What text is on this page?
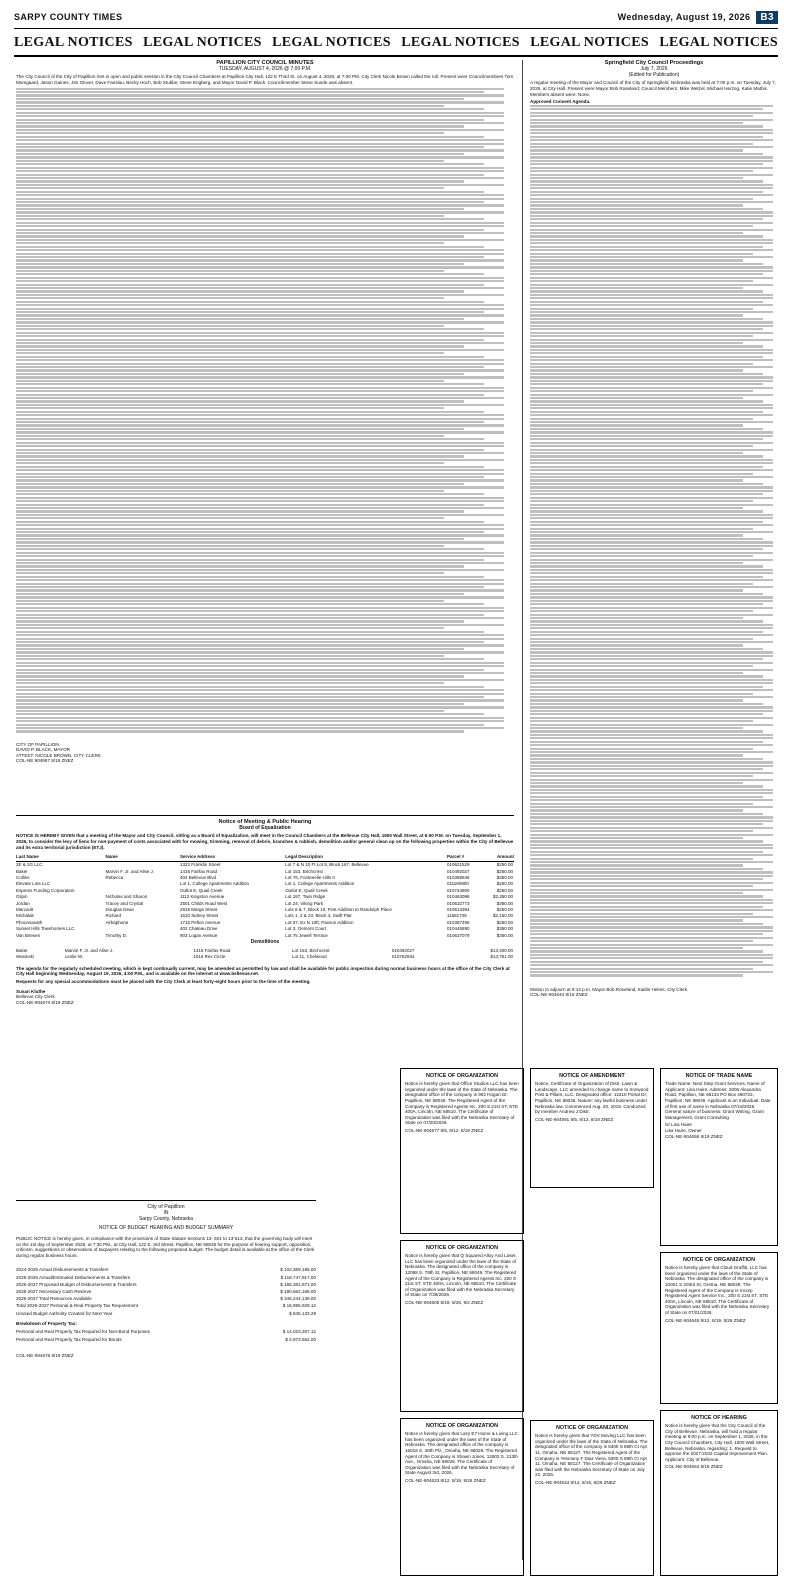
SARPY COUNTY TIMES	Wednesday, August 19, 2026	B3
LEGAL NOTICES LEGAL NOTICES LEGAL NOTICES LEGAL NOTICES LEGAL NOTICES LEGAL NOTICES
PAPILLION CITY COUNCIL MINUTES
TUESDAY, AUGUST 4, 2026 @ 7:00 P.M.

The City Council of the City of Papillion met in open and public session in the City Council Chambers at Papillion City Hall, 122 E Third St. on August 4, 2026, at 7:00 PM. City Clerk Nicole Brown called the roll. Present were Councilmembers Tom Mumgaard, Jason Gaines, Jim Glover, Dave Fanslau, Becky Hoch, Bob Stubbe, Steve Engberg, and Mayor David P. Black. Councilmember Steve Sunde was absent.

CITY OF PAPILLION
DAVID P. BLACK, MAYOR
ATTEST: NICOLE BROWN, CITY CLERK
COL-NE 904667 8/19 ZNEZ
Springfield City Council Proceedings
July 7, 2026
(Edited for Publication)

A regular meeting of the Mayor and Council of the City of Springfield, Nebraska was held at 7:00 p.m. on Tuesday, July 7, 2026, at City Hall. Present were Mayor Bob Roseland; Council Members: Mike Wetzel, Michael Herzog, Katie Mathis. Members absent were: None.

Approved Consent Agenda.

Motion to adjourn at 9:13 p.m. Mayor Bob Roseland, Kaitlin Helms, City Clerk.

COL-NE-904644 8/19 ZNEZ

Notice of Meeting & Public Hearing
Board of Equalization

NOTICE IS HEREBY GIVEN that a meeting of the Mayor and City Council, sitting as a Board of Equalization, will meet in the Council Chambers at the Bellevue City Hall, 1500 Wall Street, at 6:00 P.M. on Tuesday, September 1, 2026, to consider the levy of liens for non-payment of costs associated with for mowing, trimming, removal of debris, branches & rubbish, demolition and/or general clean up on the following properties within the City of Bellevue and its extra territorial jurisdiction (ETJ).

Last Name	Name	Service Address	Legal Description	Parcel #	Amount
2E & 2G LLC		1322 Franklin Street	Lot 7 & N 10 Ft Lot 8, Block 167, Bellevue	010621529	$250.00
Baker	Marvin F. Jr. and Alise J.	1416 Fairfax Road	Lot 153, Birchcrest	010492027	$250.00
Collins	Rebecca	404 Bellevue Blvd	Lot 76, Fontenelle Hills II	010389946	$350.00
Elevate Lots LLC		Lot 1, College Apartments Addition	Lot 1, College Apartments Addition	011180900	$250.00
Express Funding Corporation		Outlot E, Quail Creek	Outlot E, Quail Creek	010744800	$250.00
Gilpin	Nicholas and Sharon	1112 Kingston Avenue	Lot 187, Twin Ridge	010463098	$2,350.00
Jordan	Tracey and Crystal	2501 Childs Road West	Lot 24, Viking Park	010532773	$350.00
Marcault	Douglas Dean	2815 Marge Street	Lots 6 & 7, Block 10, First Addition to Randolph Place	010613394	$250.00
Michalak	Richard	1610 Sidney Street	Lots 1, 2 & 23, Block 4, Swift Plat	11681739	$2,150.00
Phounsavath	Akhaphone	1716 Pelton Avenue	Lot 37, Ex N 10ft, Paxson Addition	010387495	$250.00
Sunset Hills Townhomes LLC		402 Chateau Drive	Lot 3, Oemont Court	010445890	$350.00
Van Briesen	Timothy D.	903 Logan Avenue	Lot 75 Jewell Terrace	010637079	$350.00
Demolitions
Baker	Marvin F. Jr. and Alise J.	1416 Fairfax Road	Lot 153, Birchcrest	010492027	$13,400.00
Wasinski	Leslie W.	1016 Rex Circle	Lot 11, Chelwood	010762834	$13,751.00

The agenda for the regularly scheduled meeting, which is kept continually current, may be amended as permitted by law and shall be available for public inspection during normal business hours at the office of the City Clerk at City Hall beginning Wednesday, August 19, 2026, 4:00 P.M., and is available on the internet at www.bellevue.net.

Requests for any special accommodations must be placed with the City Clerk at least forty-eight hours prior to the time of the meeting.

Susan Kluthe

Bellevue City Clerk

COL-NE-904674 8/19 ZNEZ

City of Papillion
IN
Sarpy County, Nebraska
NOTICE OF BUDGET HEARING AND BUDGET SUMMARY

PUBLIC NOTICE is hereby given, in compliance with the provisions of State Statute Sections 13- 501 to 13-513, that the governing body will meet on the 1st day of September 2026, at 7:30 PM., at City Hall, 122 E. 3rd Street, Papillion, NE 68046 for the purpose of hearing support, opposition, criticism, suggestions or observations of taxpayers relating to the following proposed budget. The budget detail is available at the office of the Clerk during regular business hours.

2024-2025 Actual Disbursements & Transfers	$ 102,369,195.00
2025-2026 Actual/Estimated Disbursements & Transfers	$ 118,747,917.00
2026-2027 Proposed Budget of Disbursements & Transfers	$ 165,381,971.00
2026-2027 Necessary Cash Reserve	$ 180,662,168.00
2026-2027 Total Resources Available	$ 346,244,139.00
Total 2026-2027 Personal & Real Property Tax Requirement	$ 16,996,929.12
Unused Budget Authority Created for Next Year	$ 845,133.29

Breakdown of Property Tax:

Personal and Real Property Tax Required for Non-Bond Purposes	$ 14,023,267.12
Personal and Real Property Tax Required for Bonds	$ 2,973,662.00

COL-NE-904676 8/19 ZNEZ

NOTICE OF ORGANIZATION

Notice is hereby given that Office Studios LLC has been organized under the laws of the State of Nebraska. The designated office of the company is 902 Hogan Dr. Papillion, NE 68046. The Registered Agent of the Company is Registered Agents Inc. 200 S 21st ST, STE 400A, Lincoln, NE 68510. The Certificate of Organization was filed with the Nebraska Secretary of State on 07/20/2026.

COL-NE-904577 8/5, 8/12, 8/19 ZNEZ

NOTICE OF AMENDMENT

Notice, Certificate of Organization of Distr. Lawn & Landscape, LLC amended to change name to Ironwood Post & Pillars, LLC. Designated office: 12310 Portal Dr, Papillion, NE 68046. Nature: any lawful business under Nebraska law. Commenced Aug. 20, 2019. Conducted by member Andrew J Distr.

COL-NE-904591 8/5, 8/12, 8/19 ZNEZ

NOTICE OF TRADE NAME

Trade Name: Next Step Grant Services. Name of Applicant: Lisa Haire. Address: 2606 Alexandra Road, Papillion, NE 68133 PO Box 460723, Papillion, NE 68046. Applicant is an Individual. Date of first use of name in Nebraska 07/16/2026. General nature of business: Grant Writing, Grant Management, Grant Consulting.

/s/ Lisa Haire

Lisa Haire, Owner

COL-NE-904656 8/19 ZNEZ

NOTICE OF ORGANIZATION

Notice is hereby given that Q Squared Alloy And Laser, LLC has been organized under the laws of the State of Nebraska. The designated office of the company is 12098 S. 79th St, Papillion, NE 68046. The Registered Agent of the Company is Registered Agents Inc. 200 S 21st ST, STE 400A, Lincoln, NE 68510. The Certificate of Organization was filed with the Nebraska Secretary of State on 7/28/2026.

COL-NE-904605 8/19, 8/26, 9/2 ZNEZ

NOTICE OF ORGANIZATION

Notice is hereby given that Lazy E7 Home & Living LLC has been organized under the laws of the State of Nebraska. The designated office of the company is 16016 S. 38th Plz., Omaha, NE 68028. The Registered Agent of the Company is Shawn Jones, 12602 S. 213th Ave., Omaha, NE 68028. The Certificate of Organization was filed with the Nebraska Secretary of State August 3rd, 2026.

COL-NE-904633 8/12, 8/19, 8/26 ZNEZ

NOTICE OF ORGANIZATION

Notice is hereby given that YDV Moving LLC has been organized under the laws of the State of Nebraska. The designated office of the company is 5300 S 86th Ct Apt 11, Omaha, NE 68127. The Registered Agent of the Company is Yesmany F Diaz Viera, 5300 S 86th Ct Apt 11, Omaha, NE 68127. The Certificate of Organization was filed with the Nebraska Secretary of State on July 22, 2026.

COL-NE-904634 8/12, 8/19, 8/26 ZNEZ

NOTICE OF ORGANIZATION

Notice is hereby given that Cloud Graffiti, LLC has been organized under the laws of the State of Nebraska. The designated office of the company is 10001 S 203rd St, Gretna, NE 68028. The Registered Agent of the Company is Incorp Registered Agent Service Inc., 200 S 21st ST, STE 400A, Lincoln, NE 68510. The Certificate of Organization was filed with the Nebraska Secretary of State on 07/01/2026.

COL-NE-904645 8/12, 8/19, 8/26 ZNEZ

NOTICE OF HEARING

Notice is hereby given that the City Council of the City of Bellevue, Nebraska, will hold a regular meeting at 6:00 p.m. on September 1, 2026, in the City Council Chambers, City Hall, 1500 Wall Street, Bellevue, Nebraska, regarding: 1. Request to approve the 2027-2032 Capital Improvement Plan. Applicant: City of Bellevue.

COL-NE-904663 8/19 ZNEZ
